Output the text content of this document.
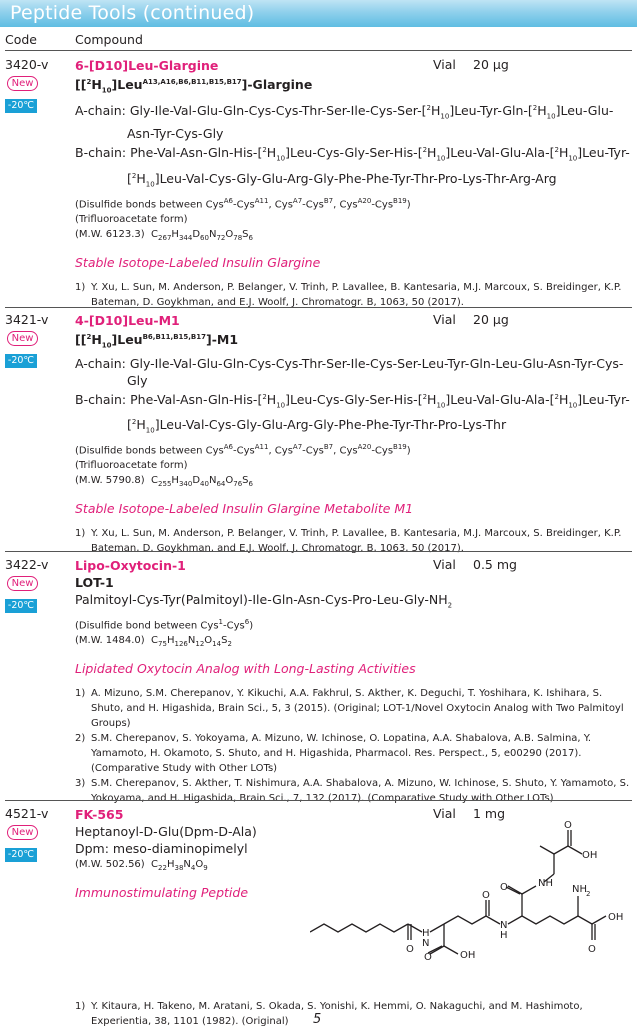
Peptide Tools (continued)
Code	Compound
3420-v
New
-20℃
Vial 20 μg
6-[D10]Leu-Glargine
$[[^2H_{10}]Leu^{A13,A16,B6,B11,B15,B17}]$-Glargine
A-chain: Gly-$Ile-Val-Glu-Gln-Cys-Cys-Thr-Ser-Ile-Cys-Ser-[^2H_{10}]Leu-Tyr-Gln-[^2H_{10}]Leu-Glu-Asn-Tyr-Cys$-Gly
B-chain: Phe-$Val-Asn-Gln-His-[^2H_{10}]Leu-Cys-Gly-Ser-His-[^2H_{10}]Leu-Val-Glu-Ala-[^2H_{10}]Leu-Tyr-[^2H_{10}]Leu-Val-Cys-Gly-Glu-Arg-Gly-Phe-Phe-$Tyr-Thr-Pro-Lys-Thr-Arg-Arg
(Disulfide bonds between Cys$^{A6}$-Cys$^{A11}$, Cys$^{A7}$-Cys$^{B7}$, Cys$^{A20}$-Cys$^{B19}$)
(Trifluoroacetate form)
(M.W. 6123.3)  $C_{267}H_{344}D_{60}N_{72}O_{78}S_6$
Stable Isotope-Labeled Insulin Glargine
1) Y. Xu, L. Sun, M. Anderson, P. Belanger, V. Trinh, P. Lavallee, B. Kantesaria, M.J. Marcoux, S. Breidinger, K.P. Bateman, D. Goykhman, and E.J. Woolf, J. Chromatogr. B, 1063, 50 (2017).
3421-v
New
-20℃
Vial 20 μg
4-[D10]Leu-M1
$[[^2H_{10}]Leu^{B6,B11,B15,B17}]-M1$
A-chain: Gly-Ile-Val-Glu-Gln-Cys-Cys-Thr-Ser-Ile-Cys-Ser-Leu-Tyr-Gln-Leu-Glu-Asn-Tyr-Cys-Gly
B-chain: Phe-$Val-Asn-Gln-His-[^2H_{10}]Leu-Cys-Gly-Ser-His-[^2H_{10}]Leu-Val-Glu-Ala-[^2H_{10}]Leu-Tyr-[^2H_{10}]Leu-Val-Cys-Gly-Glu-Arg-Gly-Phe-Phe-$Tyr-Thr-Pro-Lys-Thr
(Disulfide bonds between Cys$^{A6}$-Cys$^{A11}$, Cys$^{A7}$-Cys$^{B7}$, Cys$^{A20}$-Cys$^{B19}$)
(Trifluoroacetate form)
(M.W. 5790.8)  $C_{255}H_{340}D_{40}N_{64}O_{76}S_6$
Stable Isotope-Labeled Insulin Glargine Metabolite M1
1) Y. Xu, L. Sun, M. Anderson, P. Belanger, V. Trinh, P. Lavallee, B. Kantesaria, M.J. Marcoux, S. Breidinger, K.P. Bateman, D. Goykhman, and E.J. Woolf, J. Chromatogr. B, 1063, 50 (2017).
3422-v
New
-20℃
Vial 0.5 mg
Lipo-Oxytocin-1
LOT-1
Palmitoyl-$Cys-Tyr(Palmitoyl)-Ile-Gln-Asn-Cys-Pro-Leu-Gly-NH_2$
(Disulfide bond between Cys$^1$-Cys$^6$)
(M.W. 1484.0)  $C_{75}H_{126}N_{12}O_{14}S_2$
Lipidated Oxytocin Analog with Long-Lasting Activities
1) A. Mizuno, S.M. Cherepanov, Y. Kikuchi, A.A. Fakhrul, S. Akther, K. Deguchi, T. Yoshihara, K. Ishihara, S. Shuto, and H. Higashida, Brain Sci., 5, 3 (2015). (Original; LOT-1/Novel Oxytocin Analog with Two Palmitoyl Groups)
2) S.M. Cherepanov, S. Yokoyama, A. Mizuno, W. Ichinose, O. Lopatina, A.A. Shabalova, A.B. Salmina, Y. Yamamoto, H. Okamoto, S. Shuto, and H. Higashida, Pharmacol. Res. Perspect., 5, e00290 (2017). (Comparative Study with Other LOTs)
3) S.M. Cherepanov, S. Akther, T. Nishimura, A.A. Shabalova, A. Mizuno, W. Ichinose, S. Shuto, Y. Yamamoto, S. Yokoyama, and H. Higashida, Brain Sci., 7, 132 (2017). (Comparative Study with Other LOTs)
4521-v
New
-20℃
Vial 1 mg
FK-565
Heptanoyl-D-Glu(Dpm-D-Ala)
Dpm: meso-diaminopimelyl
(M.W. 502.56)  $C_{22}H_{38}N_4O_9$
Immunostimulating Peptide
H
N
O
OH
O
O
N
H
O	NH
O
OH
NH 2
O
OH
1) Y. Kitaura, H. Takeno, M. Aratani, S. Okada, S. Yonishi, K. Hemmi, O. Nakaguchi, and M. Hashimoto, Experientia, 38, 1101 (1982). (Original)	5
